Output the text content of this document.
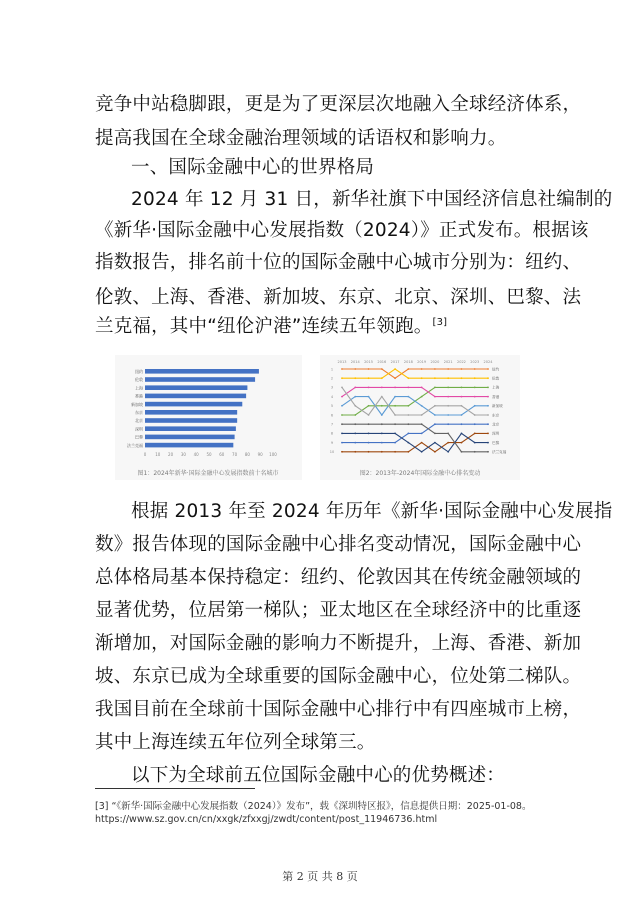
竞争中站稳脚跟，更是为了更深层次地融入全球经济体系，
提高我国在全球金融治理领域的话语权和影响力。
一、国际金融中心的世界格局
2024 年 12 月 31 日，新华社旗下中国经济信息社编制的
《新华·国际金融中心发展指数（2024）》正式发布。根据该
指数报告，排名前十位的国际金融中心城市分别为：纽约、
伦敦、上海、香港、新加坡、东京、北京、深圳、巴黎、法
兰克福，其中“纽伦沪港”连续五年领跑。[3]
0 10 20 30 40 50 60 70 80 90 100
纽约
伦敦
上海
香港
新加坡
东京
北京
深圳
巴黎
法兰克福
图1：2024年新华·国际金融中心发展指数前十名城市
2013 2014 2015 2016 2017 2018 2019 2020 2021 2022 2023 2024
1
2
3
4
5
6
7
8
9
10
纽约
伦敦
上海
香港
新加坡
东京
北京
深圳
巴黎
法兰克福
图2：2013年-2024年国际金融中心排名变动
根据 2013 年至 2024 年历年《新华·国际金融中心发展指
数》报告体现的国际金融中心排名变动情况，国际金融中心
总体格局基本保持稳定：纽约、伦敦因其在传统金融领域的
显著优势，位居第一梯队；亚太地区在全球经济中的比重逐
渐增加，对国际金融的影响力不断提升，上海、香港、新加
坡、东京已成为全球重要的国际金融中心，位处第二梯队。
我国目前在全球前十国际金融中心排行中有四座城市上榜，
其中上海连续五年位列全球第三。
以下为全球前五位国际金融中心的优势概述：
[3] “《新华·国际金融中心发展指数（2024）》发布”，载《深圳特区报》，信息提供日期：2025-01-08。
https://www.sz.gov.cn/cn/xxgk/zfxxgj/zwdt/content/post_11946736.html
第 2 页 共 8 页
